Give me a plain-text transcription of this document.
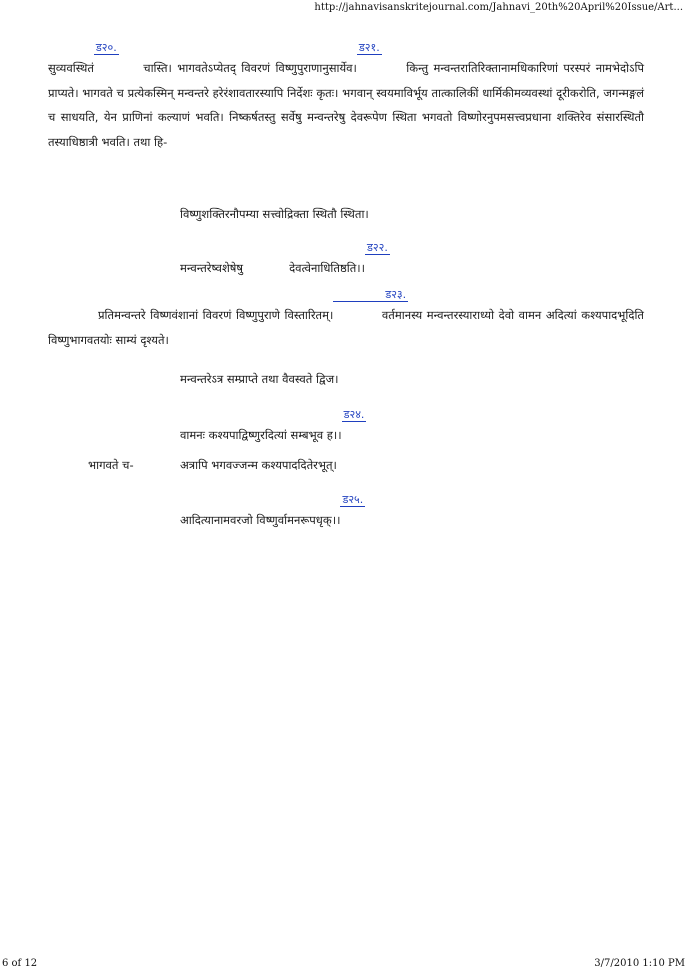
http://jahnavisanskritejournal.com/Jahnavi_20th%20April%20Issue/Art...
सुव्यवस्थितं
ड२०.
चास्ति। भागवतेऽप्येतद् विवरणं विष्णुपुराणानुसार्येव।
ड२१.
किन्तु मन्वन्तरातिरिक्तानामधिकारिणां परस्परं नामभेदोऽपि प्राप्यते। भागवते च प्रत्येकस्मिन् मन्वन्तरे हरेरंशावतारस्यापि निर्देशः कृतः। भगवान् स्वयमाविर्भूय तात्कालिकीं धार्मिकीमव्यवस्थां दूरीकरोति, जगन्मङ्गलं च साधयति, येन प्राणिनां कल्याणं भवति। निष्कर्षतस्तु सर्वेषु मन्वन्तरेषु देवरूपेण स्थिता भगवतो विष्णोरनुपमसत्त्वप्रधाना शक्तिरेव संसारस्थितौ तस्याधिष्ठात्री भवति। तथा हि-
विष्णुशक्तिरनौपम्या सत्त्वोद्रिक्ता स्थितौ स्थिता।
मन्वन्तरेष्वशेषेषु	देवत्वेनाधितिष्ठति।।
ड२२.
प्रतिमन्वन्तरे विष्णवंशानां विवरणं विष्णुपुराणे विस्तारितम्।
ड२३.
वर्तमानस्य मन्वन्तरस्याराध्यो देवो वामन अदित्यां कश्यपादभूदिति विष्णुभागवतयोः साम्यं दृश्यते।
मन्वन्तरेऽत्र सम्प्राप्ते तथा वैवस्वते द्विज।
वामनः कश्यपाद्विष्णुरदित्यां सम्बभूव ह।।
ड२४.
भागवते च-	अत्रापि भगवज्जन्म कश्यपाददितेरभूत्।
आदित्यानामवरजो विष्णुर्वामनरूपधृक्।।
ड२५.
6 of 12	3/7/2010 1:10 PM
